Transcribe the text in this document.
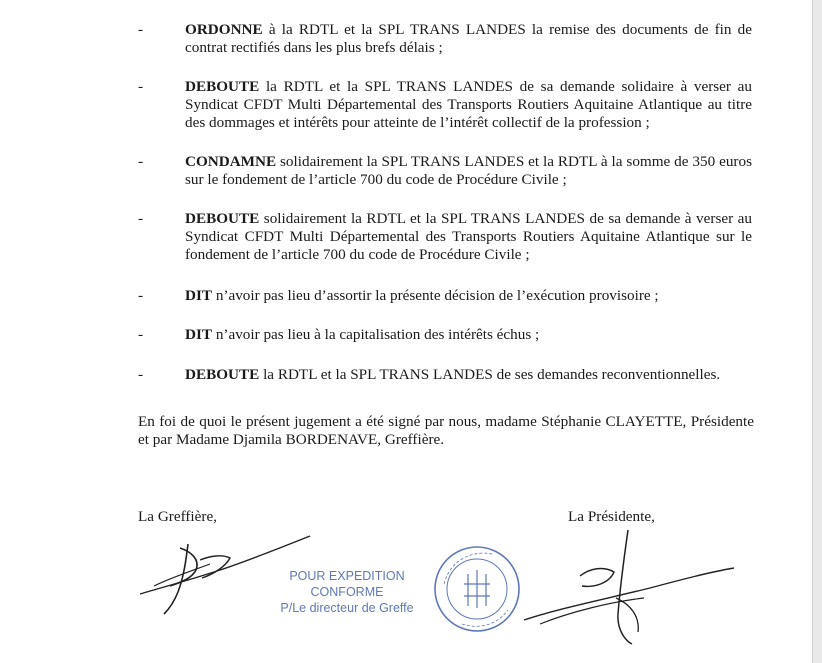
-	ORDONNE à la RDTL et la SPL TRANS LANDES la remise des documents de fin de contrat rectifiés dans les plus brefs délais ;
-	DEBOUTE la RDTL et la SPL TRANS LANDES de sa demande solidaire à verser au Syndicat CFDT Multi Départemental des Transports Routiers Aquitaine Atlantique au titre des dommages et intérêts pour atteinte de l’intérêt collectif de la profession ;
-	CONDAMNE solidairement la SPL TRANS LANDES et la RDTL à la somme de 350 euros sur le fondement de l’article 700 du code de Procédure Civile ;
-	DEBOUTE solidairement la RDTL et la SPL TRANS LANDES de sa demande à verser au Syndicat CFDT Multi Départemental des Transports Routiers Aquitaine Atlantique sur le fondement de l’article 700 du code de Procédure Civile ;
-	DIT n’avoir pas lieu d’assortir la présente décision de l’exécution provisoire ;
-	DIT n’avoir pas lieu à la capitalisation des intérêts échus ;
-	DEBOUTE la RDTL et la SPL TRANS LANDES de ses demandes reconventionnelles.
En foi de quoi le présent jugement a été signé par nous, madame Stéphanie CLAYETTE, Présidente et par Madame Djamila BORDENAVE, Greffière.
La Greffière,	La Présidente,
POUR EXPEDITION CONFORME
P/Le directeur de Greffe
